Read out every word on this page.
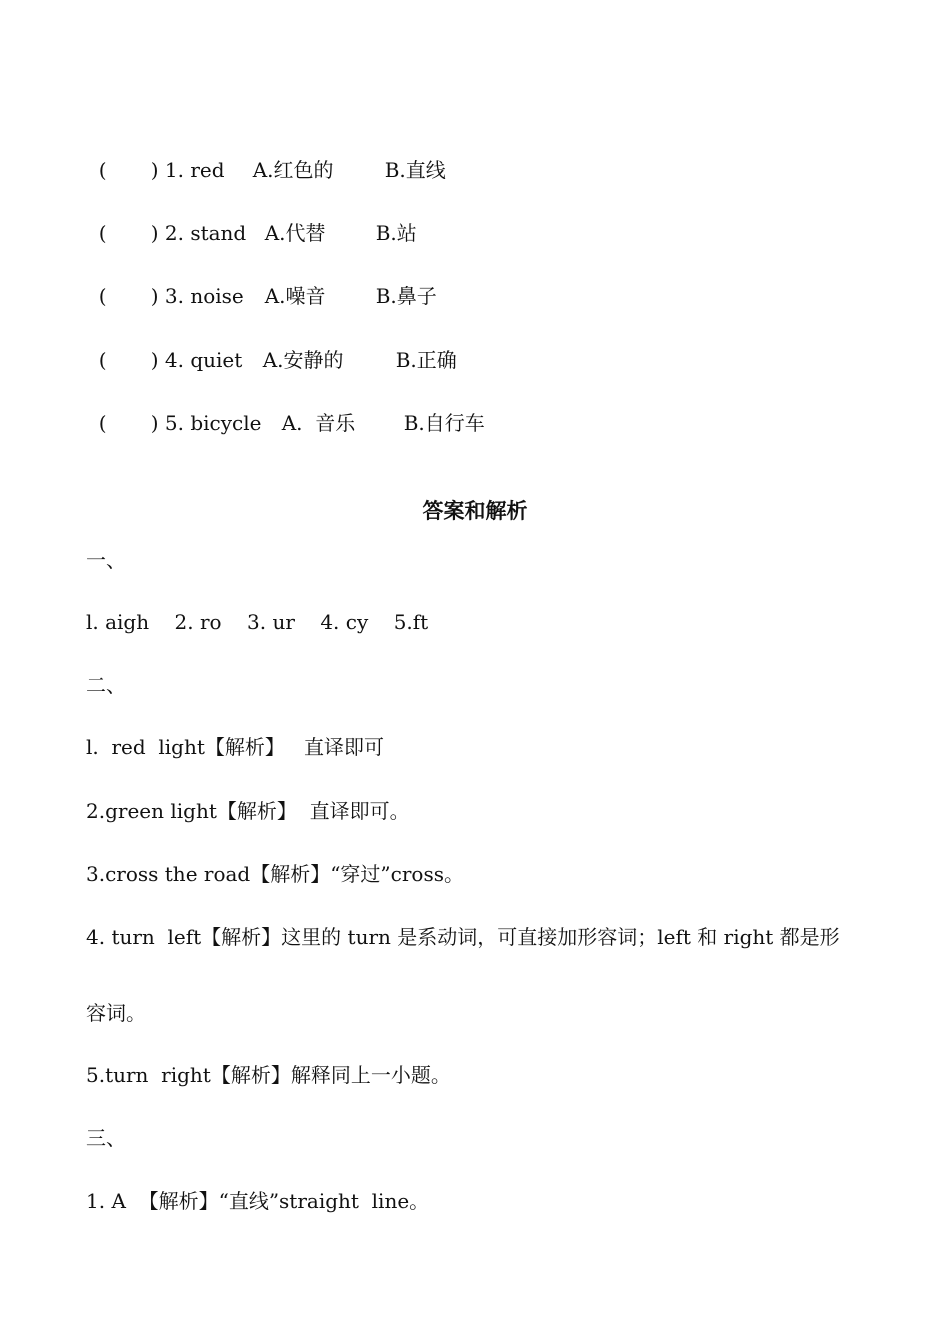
( ) 1. red A.红色的	B.直线

( ) 2. stand A.代替	B.站

( ) 3. noise A.噪音	B.鼻子

( ) 4. quiet A.安静的	B.正确

( ) 5. bicycle A.  音乐 B.自行车

答案和解析
一、
l. aigh    2. ro    3. ur    4. cy    5.ft
二、
l.  red  light【解析】   直译即可
2.green light【解析】  直译即可。
3.cross the road【解析】“穿过”cross。
4. turn  left【解析】这里的 turn 是系动词，可直接加形容词；left 和 right 都是形
容词。
5.turn  right【解析】解释同上一小题。
三、
1. A  【解析】“直线”straight  line。
